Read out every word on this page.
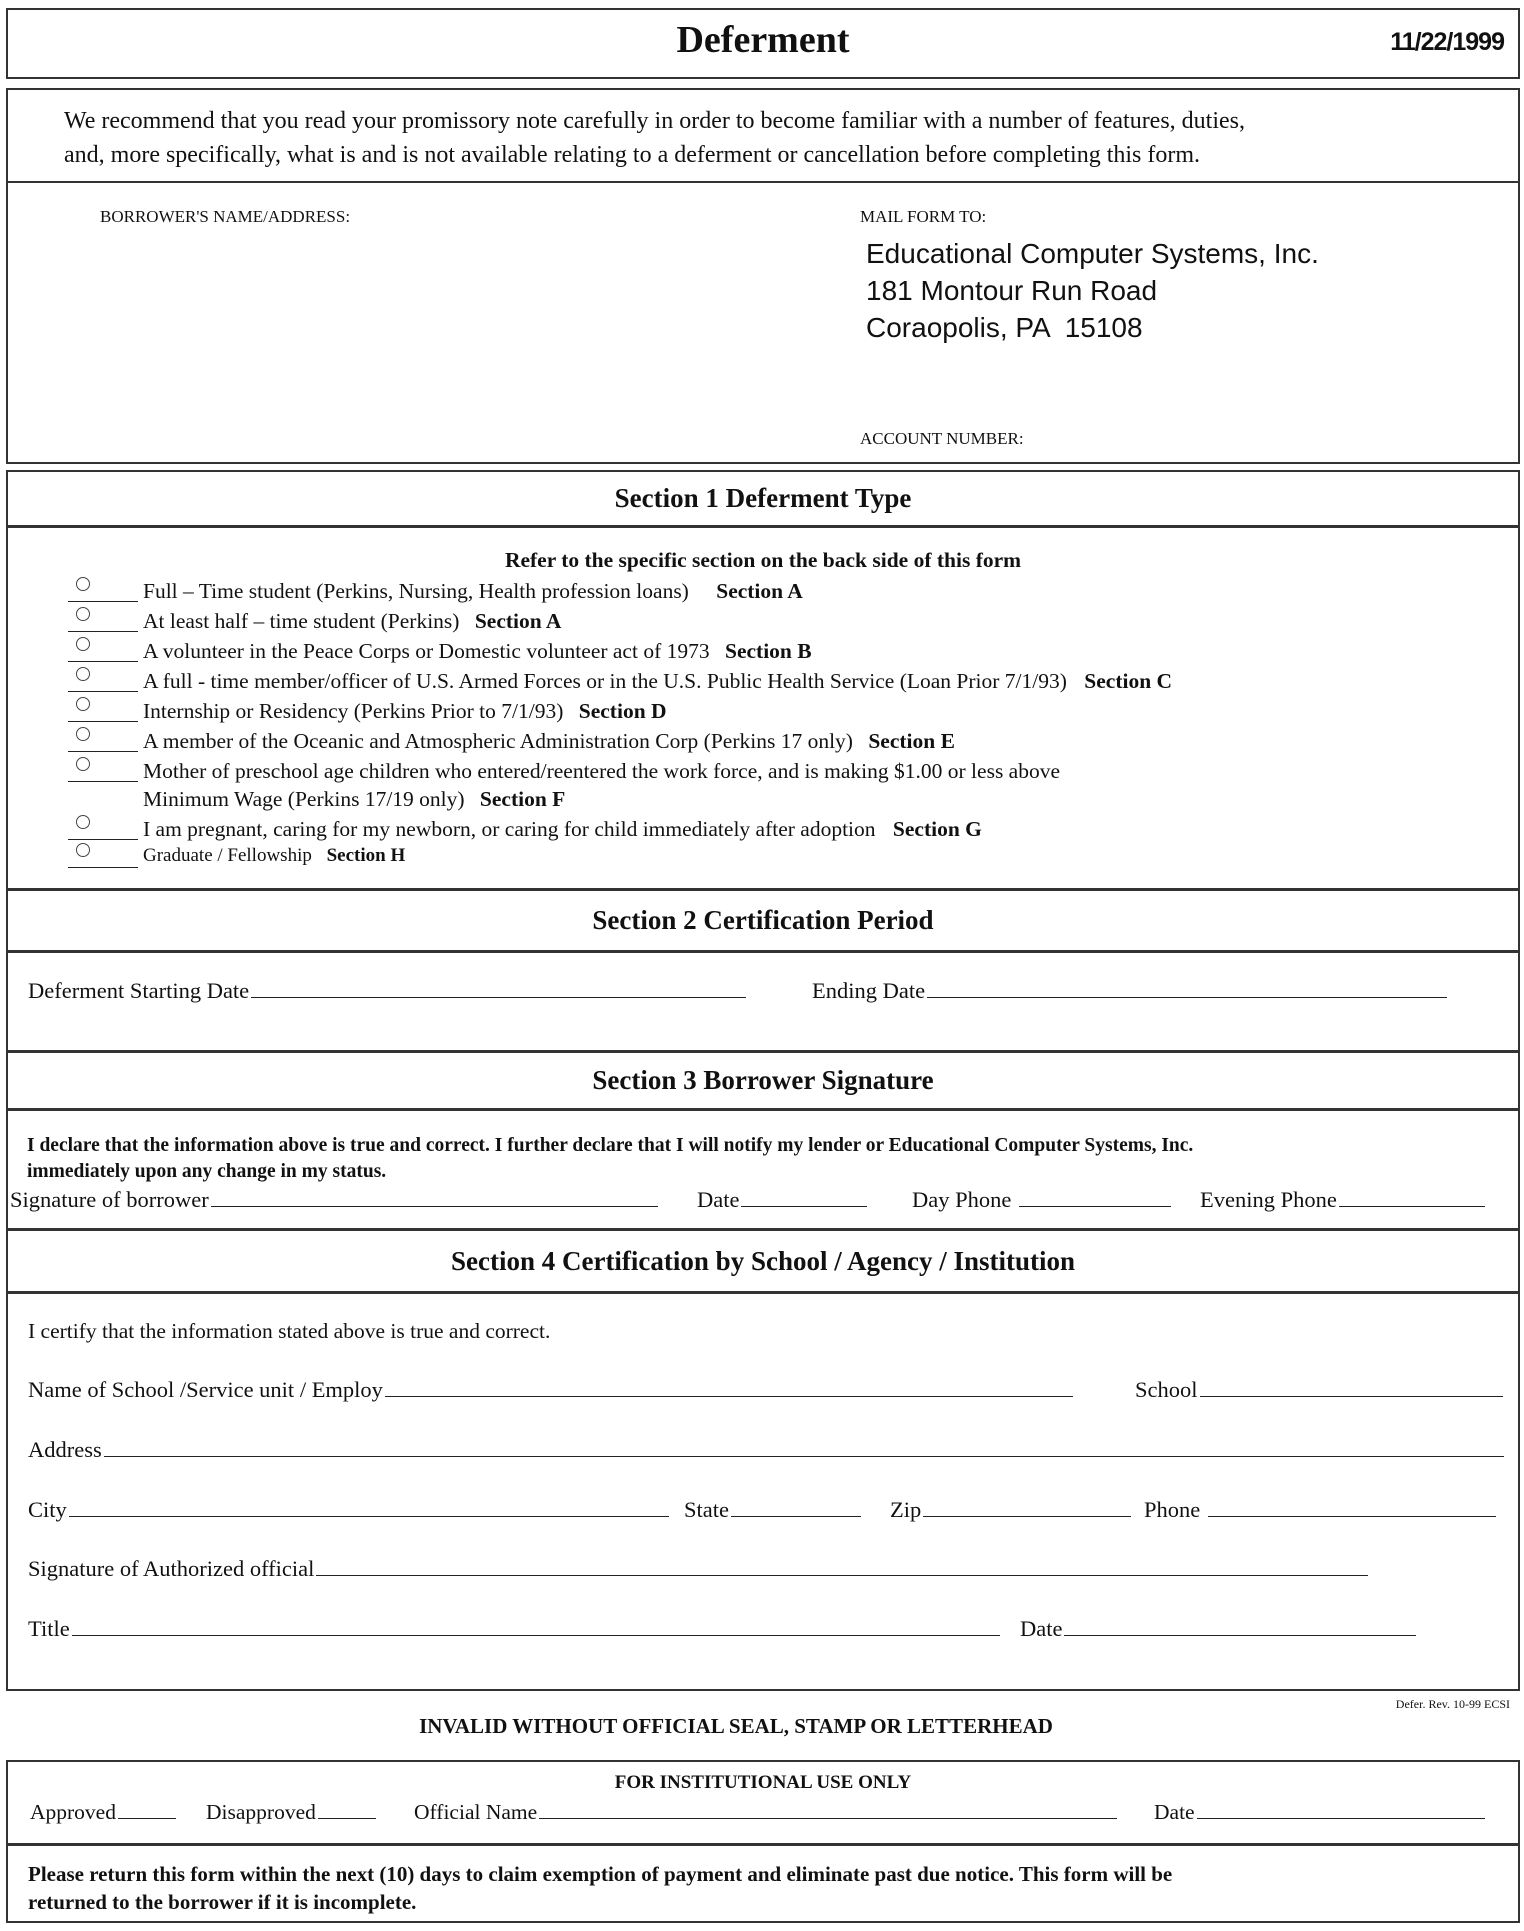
Deferment	11/22/1999
We recommend that you read your promissory note carefully in order to become familiar with a number of features, duties,
and, more specifically, what is and is not available relating to a deferment or cancellation before completing this form.
BORROWER'S NAME/ADDRESS:	MAIL FORM TO:
Educational Computer Systems, Inc.
181 Montour Run Road
Coraopolis, PA  15108
ACCOUNT NUMBER:
Section 1 Deferment Type
Refer to the specific section on the back side of this form
Full – Time student (Perkins, Nursing, Health profession loans) Section A
At least half – time student (Perkins) Section A
A volunteer in the Peace Corps or Domestic volunteer act of 1973 Section B
A full - time member/officer of U.S. Armed Forces or in the U.S. Public Health Service (Loan Prior 7/1/93) Section C
Internship or Residency (Perkins Prior to 7/1/93) Section D
A member of the Oceanic and Atmospheric Administration Corp (Perkins 17 only) Section E
Mother of preschool age children who entered/reentered the work force, and is making $1.00 or less above
Minimum Wage (Perkins 17/19 only) Section F
I am pregnant, caring for my newborn, or caring for child immediately after adoption Section G
Graduate / Fellowship Section H
Section 2 Certification Period
Deferment Starting Date	Ending Date
Section 3 Borrower Signature
I declare that the information above is true and correct. I further declare that I will notify my lender or Educational Computer Systems, Inc.
immediately upon any change in my status.
Signature of borrower	Date	Day Phone	Evening Phone
Section 4 Certification by School / Agency / Institution
I certify that the information stated above is true and correct.
Name of School /Service unit / Employ	School
Address
City	State	Zip	Phone
Signature of Authorized official
Title	Date
Defer. Rev. 10-99 ECSI
INVALID WITHOUT OFFICIAL SEAL, STAMP OR LETTERHEAD
FOR INSTITUTIONAL USE ONLY
Approved	Disapproved	Official Name	Date
Please return this form within the next (10) days to claim exemption of payment and eliminate past due notice. This form will be
returned to the borrower if it is incomplete.
